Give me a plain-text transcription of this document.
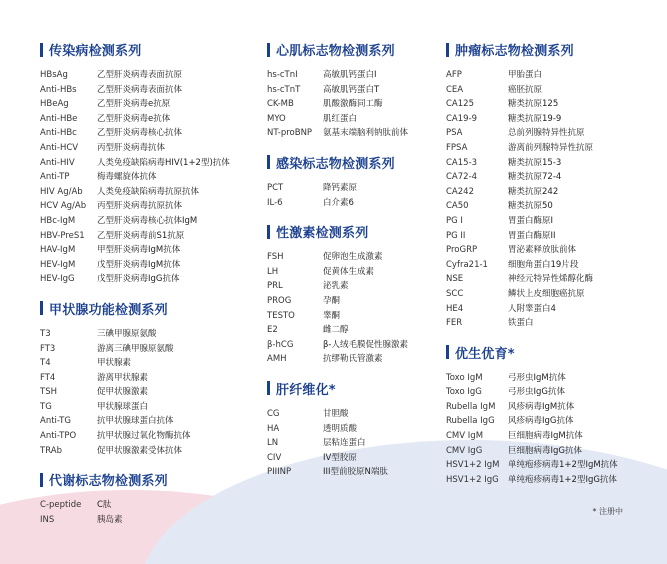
传染病检测系列
HBsAg	乙型肝炎病毒表面抗原
Anti-HBs	乙型肝炎病毒表面抗体
HBeAg	乙型肝炎病毒e抗原
Anti-HBe	乙型肝炎病毒e抗体
Anti-HBc	乙型肝炎病毒核心抗体
Anti-HCV	丙型肝炎病毒抗体
Anti-HIV	人类免疫缺陷病毒HIV(1+2型)抗体
Anti-TP	梅毒螺旋体抗体
HIV Ag/Ab	人类免疫缺陷病毒抗原抗体
HCV Ag/Ab	丙型肝炎病毒抗原抗体
HBc-IgM	乙型肝炎病毒核心抗体IgM
HBV-PreS1	乙型肝炎病毒前S1抗原
HAV-IgM	甲型肝炎病毒IgM抗体
HEV-IgM	戊型肝炎病毒IgM抗体
HEV-IgG	戊型肝炎病毒IgG抗体
甲状腺功能检测系列
T3	三碘甲腺原氨酸
FT3	游离三碘甲腺原氨酸
T4	甲状腺素
FT4	游离甲状腺素
TSH	促甲状腺激素
TG	甲状腺球蛋白
Anti-TG	抗甲状腺球蛋白抗体
Anti-TPO	抗甲状腺过氧化物酶抗体
TRAb	促甲状腺激素受体抗体
代谢标志物检测系列
C-peptide	C肽
INS	胰岛素
心肌标志物检测系列
hs-cTnI	高敏肌钙蛋白I
hs-cTnT	高敏肌钙蛋白T
CK-MB	肌酸激酶同工酶
MYO	肌红蛋白
NT-proBNP	氨基末端脑利钠肽前体
感染标志物检测系列
PCT	降钙素原
IL-6	白介素6
性激素检测系列
FSH	促卵泡生成激素
LH	促黄体生成素
PRL	泌乳素
PROG	孕酮
TESTO	睾酮
E2	雌二醇
β-hCG	β-人绒毛膜促性腺激素
AMH	抗缪勒氏管激素
肝纤维化*
CG	甘胆酸
HA	透明质酸
LN	层粘连蛋白
CIV	IV型胶原
PIIINP	III型前胶原N端肽
肿瘤标志物检测系列
AFP	甲胎蛋白
CEA	癌胚抗原
CA125	糖类抗原125
CA19-9	糖类抗原19-9
PSA	总前列腺特异性抗原
FPSA	游离前列腺特异性抗原
CA15-3	糖类抗原15-3
CA72-4	糖类抗原72-4
CA242	糖类抗原242
CA50	糖类抗原50
PG I	胃蛋白酶原I
PG II	胃蛋白酶原II
ProGRP	胃泌素释放肽前体
Cyfra21-1	细胞角蛋白19片段
NSE	神经元特异性烯醇化酶
SCC	鳞状上皮细胞癌抗原
HE4	人附睾蛋白4
FER	铁蛋白
优生优育*
Toxo IgM	弓形虫IgM抗体
Toxo IgG	弓形虫IgG抗体
Rubella IgM	风疹病毒IgM抗体
Rubella IgG	风疹病毒IgG抗体
CMV IgM	巨细胞病毒IgM抗体
CMV IgG	巨细胞病毒IgG抗体
HSV1+2 IgM	单纯疱疹病毒1+2型IgM抗体
HSV1+2 IgG	单纯疱疹病毒1+2型IgG抗体
* 注册中
